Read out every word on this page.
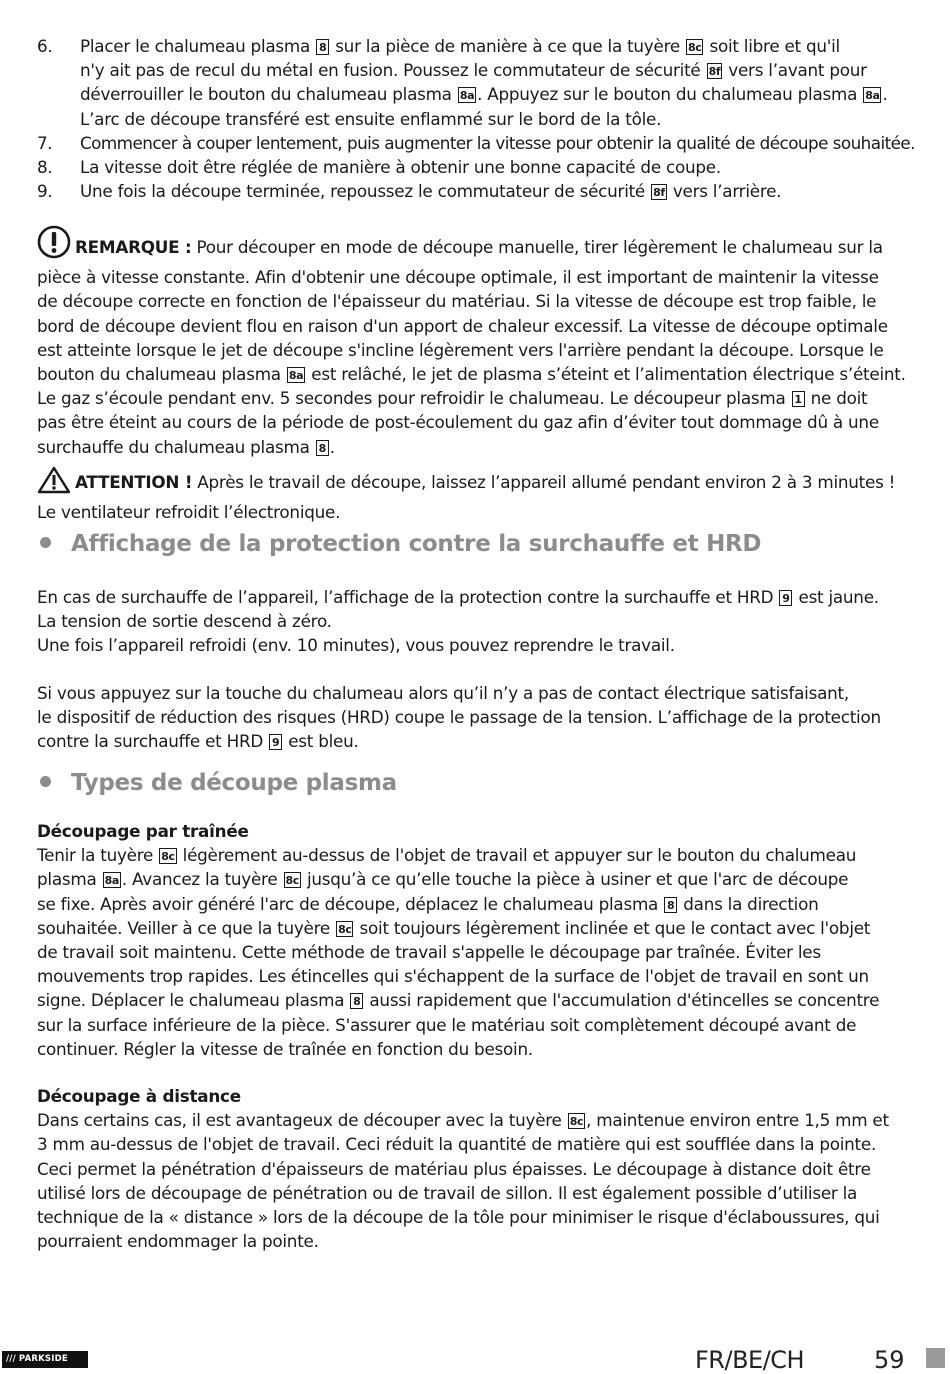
6. Placer le chalumeau plasma 8 sur la pièce de manière à ce que la tuyère 8c soit libre et qu'il
n'y ait pas de recul du métal en fusion. Poussez le commutateur de sécurité 8f vers l’avant pour
déverrouiller le bouton du chalumeau plasma 8a . Appuyez sur le bouton du chalumeau plasma 8a .
L’arc de découpe transféré est ensuite enflammé sur le bord de la tôle.
7. Commencer à couper lentement, puis augmenter la vitesse pour obtenir la qualité de découpe souhaitée.
8. La vitesse doit être réglée de manière à obtenir une bonne capacité de coupe.
9. Une fois la découpe terminée, repoussez le commutateur de sécurité 8f vers l’arrière.
REMARQUE : Pour découper en mode de découpe manuelle, tirer légèrement le chalumeau sur la
pièce à vitesse constante. Afin d'obtenir une découpe optimale, il est important de maintenir la vitesse
de découpe correcte en fonction de l'épaisseur du matériau. Si la vitesse de découpe est trop faible, le
bord de découpe devient flou en raison d'un apport de chaleur excessif. La vitesse de découpe optimale
est atteinte lorsque le jet de découpe s'incline légèrement vers l'arrière pendant la découpe. Lorsque le
bouton du chalumeau plasma 8a est relâché, le jet de plasma s’éteint et l’alimentation électrique s’éteint.
Le gaz s’écoule pendant env. 5 secondes pour refroidir le chalumeau. Le découpeur plasma 1 ne doit
pas être éteint au cours de la période de post-écoulement du gaz afin d’éviter tout dommage dû à une
surchauffe du chalumeau plasma 8 .
ATTENTION ! Après le travail de découpe, laissez l’appareil allumé pendant environ 2 à 3 minutes !
Le ventilateur refroidit l’électronique.
Affichage de la protection contre la surchauffe et HRD
En cas de surchauffe de l’appareil, l’affichage de la protection contre la surchauffe et HRD 9 est jaune.
La tension de sortie descend à zéro.
Une fois l’appareil refroidi (env. 10 minutes), vous pouvez reprendre le travail.
Si vous appuyez sur la touche du chalumeau alors qu’il n’y a pas de contact électrique satisfaisant,
le dispositif de réduction des risques (HRD) coupe le passage de la tension. L’affichage de la protection
contre la surchauffe et HRD 9 est bleu.
Types de découpe plasma
Découpage par traînée
Tenir la tuyère 8c légèrement au-dessus de l'objet de travail et appuyer sur le bouton du chalumeau
plasma 8a . Avancez la tuyère 8c jusqu’à ce qu’elle touche la pièce à usiner et que l'arc de découpe
se fixe. Après avoir généré l'arc de découpe, déplacez le chalumeau plasma 8 dans la direction
souhaitée. Veiller à ce que la tuyère 8c soit toujours légèrement inclinée et que le contact avec l'objet
de travail soit maintenu. Cette méthode de travail s'appelle le découpage par traînée. Éviter les
mouvements trop rapides. Les étincelles qui s'échappent de la surface de l'objet de travail en sont un
signe. Déplacer le chalumeau plasma 8 aussi rapidement que l'accumulation d'étincelles se concentre
sur la surface inférieure de la pièce. S'assurer que le matériau soit complètement découpé avant de
continuer. Régler la vitesse de traînée en fonction du besoin.
Découpage à distance
Dans certains cas, il est avantageux de découper avec la tuyère 8c , maintenue environ entre 1,5 mm et
3 mm au-dessus de l'objet de travail. Ceci réduit la quantité de matière qui est soufflée dans la pointe.
Ceci permet la pénétration d'épaisseurs de matériau plus épaisses. Le découpage à distance doit être
utilisé lors de découpage de pénétration ou de travail de sillon. Il est également possible d’utiliser la
technique de la « distance » lors de la découpe de la tôle pour minimiser le risque d'éclaboussures, qui
pourraient endommager la pointe.
/// PARKSIDE	FR/BE/CH	59
